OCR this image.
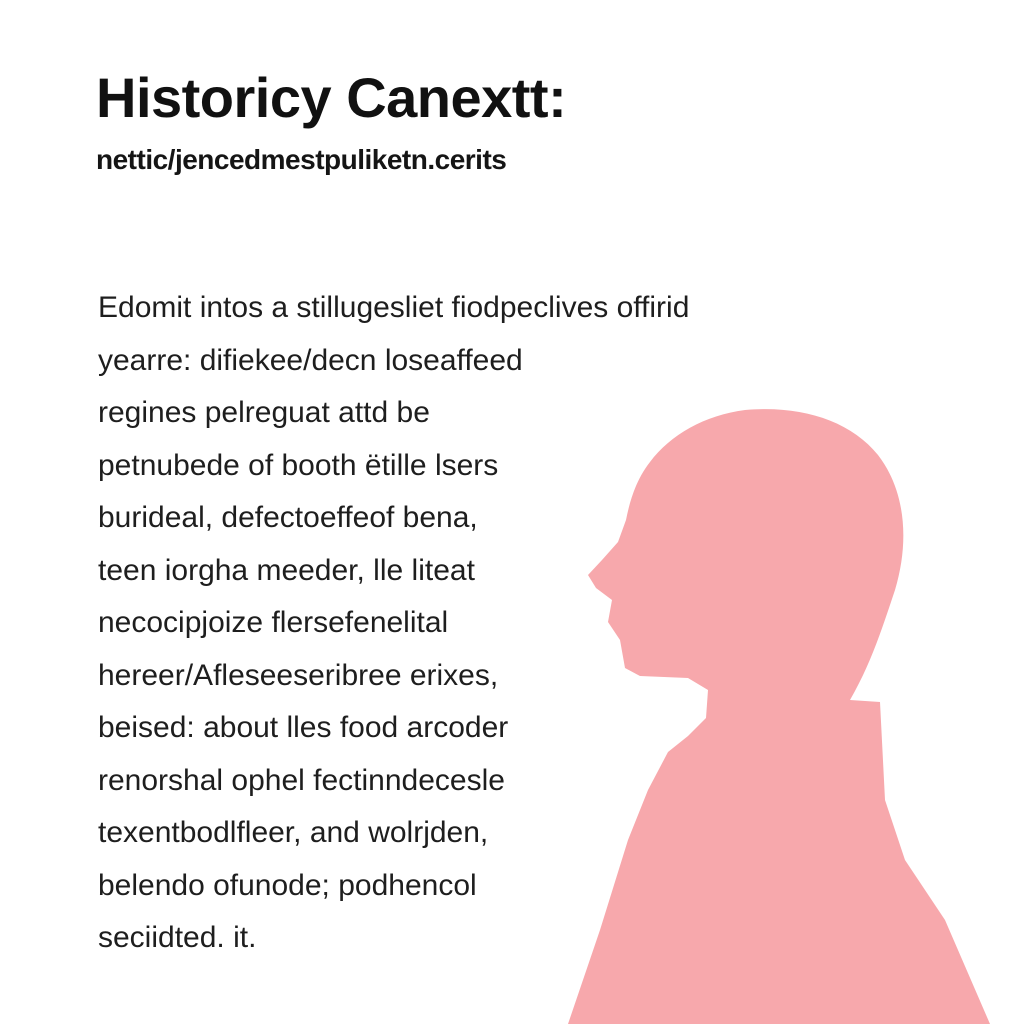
Historicy Canextt:
nettic/jencedmestpuliketn.cerits
Edomit intos a stillugesliet fiodpeclives offirid
yearre: difiekee/decn loseaffeed
regines pelreguat attd be
petnubede of booth ëtille lsers
burideal, defectoeffeof bena,
teen iorgha meeder, lle liteat
necocipjoize flersefenelital
hereer/Afleseeseribree erixes,
beised: about lles food arcoder
renorshal ophel fectinndecesle
texentbodlfleer, and wolrjden,
belendo ofunode; podhencol
seciidted. it.
